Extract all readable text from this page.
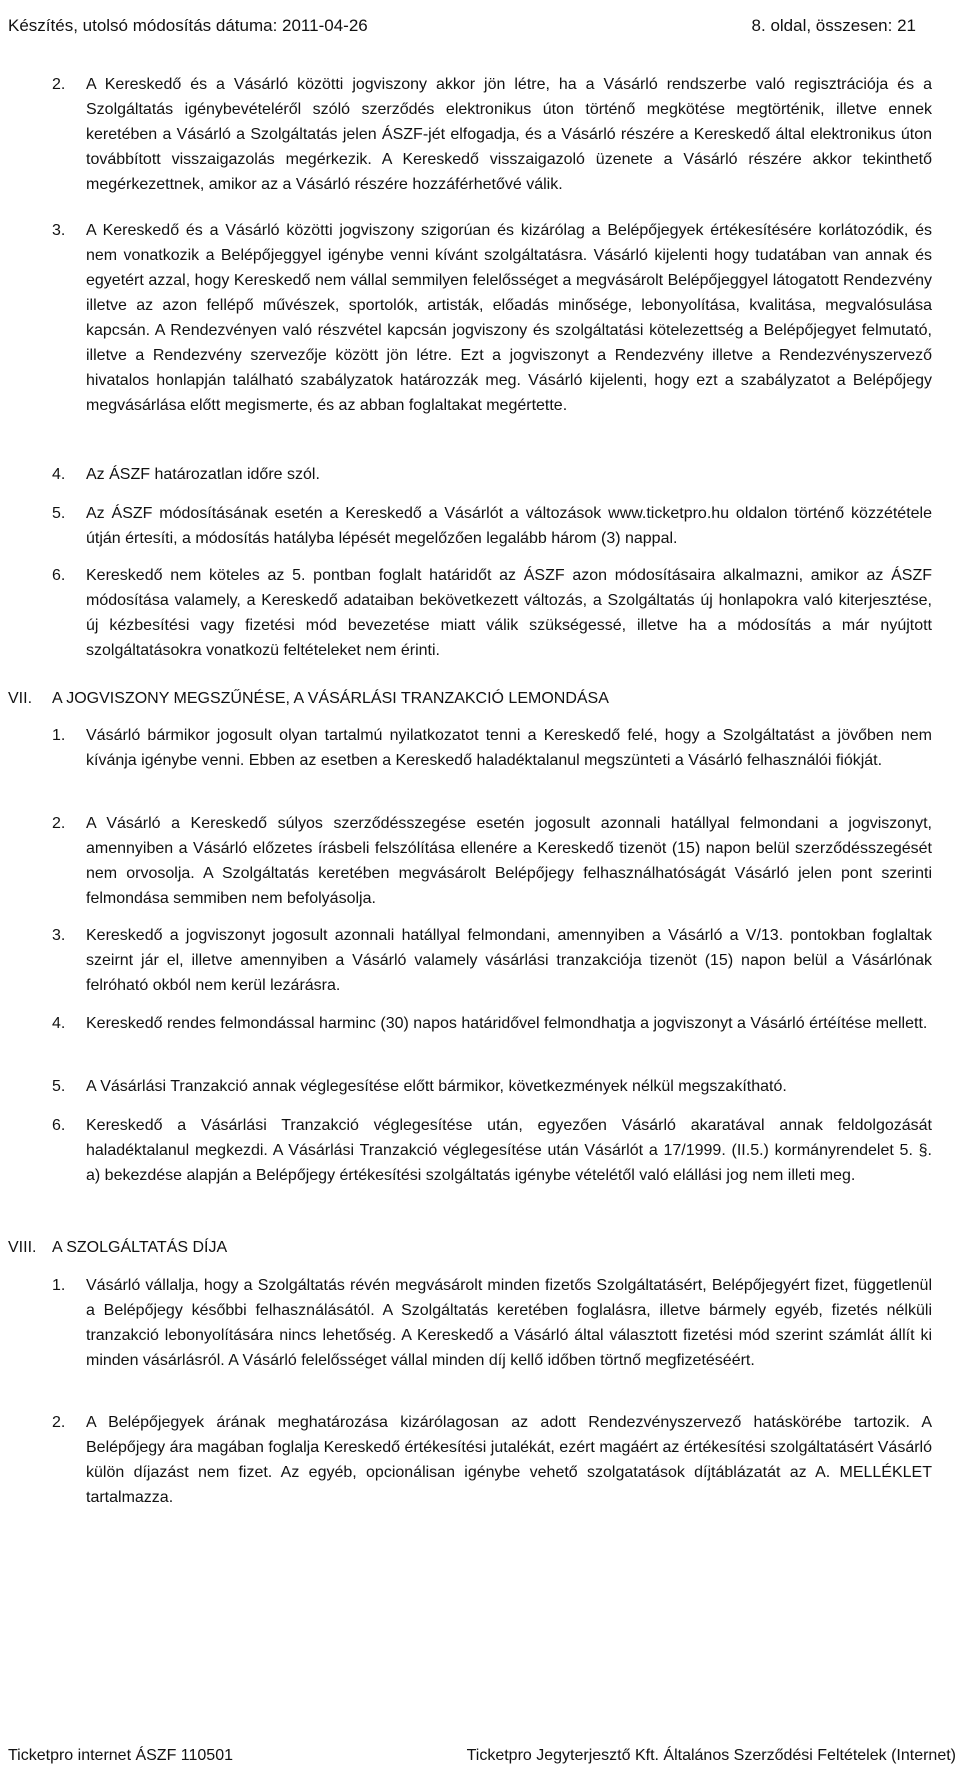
Készítés, utolsó módosítás dátuma: 2011-04-26	8. oldal, összesen: 21
2. A Kereskedő és a Vásárló közötti jogviszony akkor jön létre, ha a Vásárló rendszerbe való regisztrációja és a Szolgáltatás igénybevételéről szóló szerződés elektronikus úton történő megkötése megtörténik, illetve ennek keretében a Vásárló a Szolgáltatás jelen ÁSZF-jét elfogadja, és a Vásárló részére a Kereskedő által elektronikus úton továbbított visszaigazolás megérkezik. A Kereskedő visszaigazoló üzenete a Vásárló részére akkor tekinthető megérkezettnek, amikor az a Vásárló részére hozzáférhetővé válik.
3. A Kereskedő és a Vásárló közötti jogviszony szigorúan és kizárólag a Belépőjegyek értékesítésére korlátozódik, és nem vonatkozik a Belépőjeggyel igénybe venni kívánt szolgáltatásra. Vásárló kijelenti hogy tudatában van annak és egyetért azzal, hogy Kereskedő nem vállal semmilyen felelősséget a megvásárolt Belépőjeggyel látogatott Rendezvény illetve az azon fellépő művészek, sportolók, artisták, előadás minősége, lebonyolítása, kvalitása, megvalósulása kapcsán. A Rendezvényen való részvétel kapcsán jogviszony és szolgáltatási kötelezettség a Belépőjegyet felmutató, illetve a Rendezvény szervezője között jön létre. Ezt a jogviszonyt a Rendezvény illetve a Rendezvényszervező hivatalos honlapján található szabályzatok határozzák meg. Vásárló kijelenti, hogy ezt a szabályzatot a Belépőjegy megvásárlása előtt megismerte, és az abban foglaltakat megértette.
4. Az ÁSZF határozatlan időre szól.
5. Az ÁSZF módosításának esetén a Kereskedő a Vásárlót a változások www.ticketpro.hu oldalon történő közzététele útján értesíti, a módosítás hatályba lépését megelőzően legalább három (3) nappal.
6. Kereskedő nem köteles az 5. pontban foglalt határidőt az ÁSZF azon módosításaira alkalmazni, amikor az ÁSZF módosítása valamely, a Kereskedő adataiban bekövetkezett változás, a Szolgáltatás új honlapokra való kiterjesztése, új kézbesítési vagy fizetési mód bevezetése miatt válik szükségessé, illetve ha a módosítás a már nyújtott szolgáltatásokra vonatkozü feltételeket nem érinti.
VII. A JOGVISZONY MEGSZŰNÉSE, A VÁSÁRLÁSI TRANZAKCIÓ LEMONDÁSA
1. Vásárló bármikor jogosult olyan tartalmú nyilatkozatot tenni a Kereskedő felé, hogy a Szolgáltatást a jövőben nem kívánja igénybe venni. Ebben az esetben a Kereskedő haladéktalanul megszünteti a Vásárló felhasználói fiókját.
2. A Vásárló a Kereskedő súlyos szerződésszegése esetén jogosult azonnali hatállyal felmondani a jogviszonyt, amennyiben a Vásárló előzetes írásbeli felszólítása ellenére a Kereskedő tizenöt (15) napon belül szerződésszegését nem orvosolja. A Szolgáltatás keretében megvásárolt Belépőjegy felhasználhatóságát Vásárló jelen pont szerinti felmondása semmiben nem befolyásolja.
3. Kereskedő a jogviszonyt jogosult azonnali hatállyal felmondani, amennyiben a Vásárló a V/13. pontokban foglaltak szeirnt jár el, illetve amennyiben a Vásárló valamely vásárlási tranzakciója tizenöt (15) napon belül a Vásárlónak felróható okból nem kerül lezárásra.
4. Kereskedő rendes felmondással harminc (30) napos határidővel felmondhatja a jogviszonyt a Vásárló értéítése mellett.
5. A Vásárlási Tranzakció annak véglegesítése előtt bármikor, következmények nélkül megszakítható.
6. Kereskedő a Vásárlási Tranzakció véglegesítése után, egyezően Vásárló akaratával annak feldolgozását haladéktalanul megkezdi. A Vásárlási Tranzakció véglegesítése után Vásárlót a 17/1999. (II.5.) kormányrendelet 5. §. a) bekezdése alapján a Belépőjegy értékesítési szolgáltatás igénybe vételétől való elállási jog nem illeti meg.
VIII. A SZOLGÁLTATÁS DÍJA
1. Vásárló vállalja, hogy a Szolgáltatás révén megvásárolt minden fizetős Szolgáltatásért, Belépőjegyért fizet, függetlenül a Belépőjegy későbbi felhasználásától. A Szolgáltatás keretében foglalásra, illetve bármely egyéb, fizetés nélküli tranzakció lebonyolítására nincs lehetőség. A Kereskedő a Vásárló által választott fizetési mód szerint számlát állít ki minden vásárlásról. A Vásárló felelősséget vállal minden díj kellő időben törtnő megfizetéséért.
2. A Belépőjegyek árának meghatározása kizárólagosan az adott Rendezvényszervező hatáskörébe tartozik. A Belépőjegy ára magában foglalja Kereskedő értékesítési jutalékát, ezért magáért az értékesítési szolgáltatásért Vásárló külön díjazást nem fizet. Az egyéb, opcionálisan igénybe vehető szolgatatások díjtáblázatát az A. MELLÉKLET tartalmazza.
Ticketpro internet ÁSZF 110501	Ticketpro Jegyterjesztő Kft. Általános Szerződési Feltételek (Internet)
